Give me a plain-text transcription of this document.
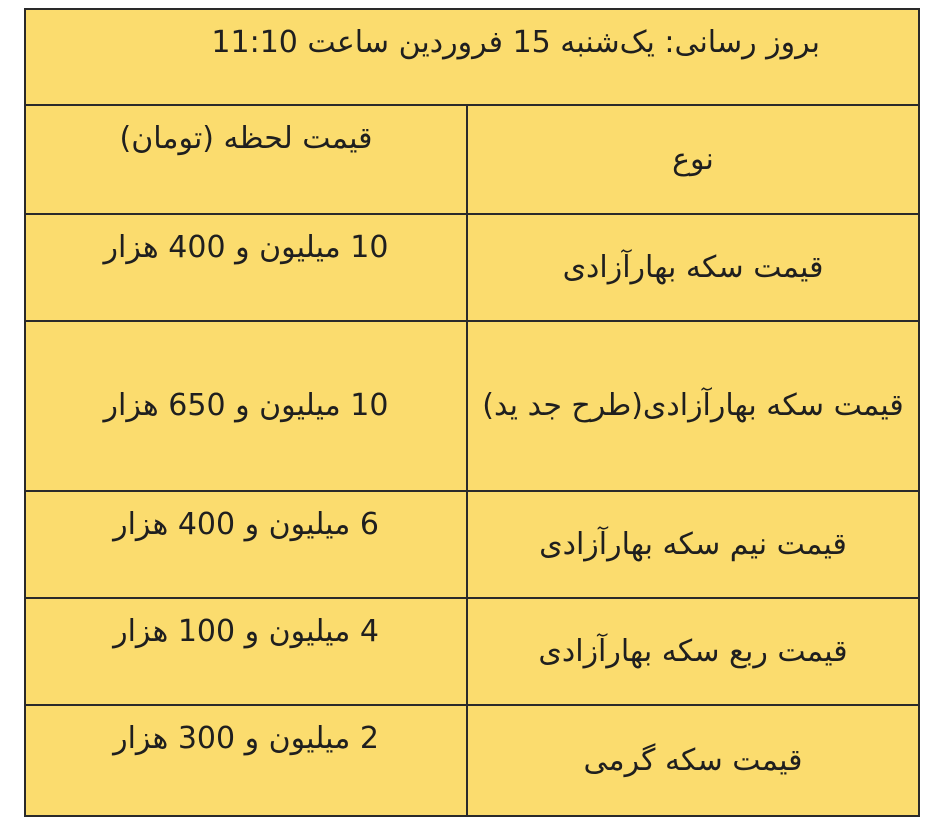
بروز رسانی: یک‌شنبه 15 فروردین ساعت 11:10
نوع	قیمت لحظه (تومان)
قیمت سکه بهارآزادی	10 میلیون و 400 هزار
قیمت سکه بهارآزادی(طرح جد ید)	10 میلیون و 650 هزار
قیمت نیم سکه بهارآزادی	6 میلیون و 400 هزار
قیمت ربع سکه بهارآزادی	4 میلیون و 100 هزار
قیمت سکه گرمی	2 میلیون و 300 هزار
